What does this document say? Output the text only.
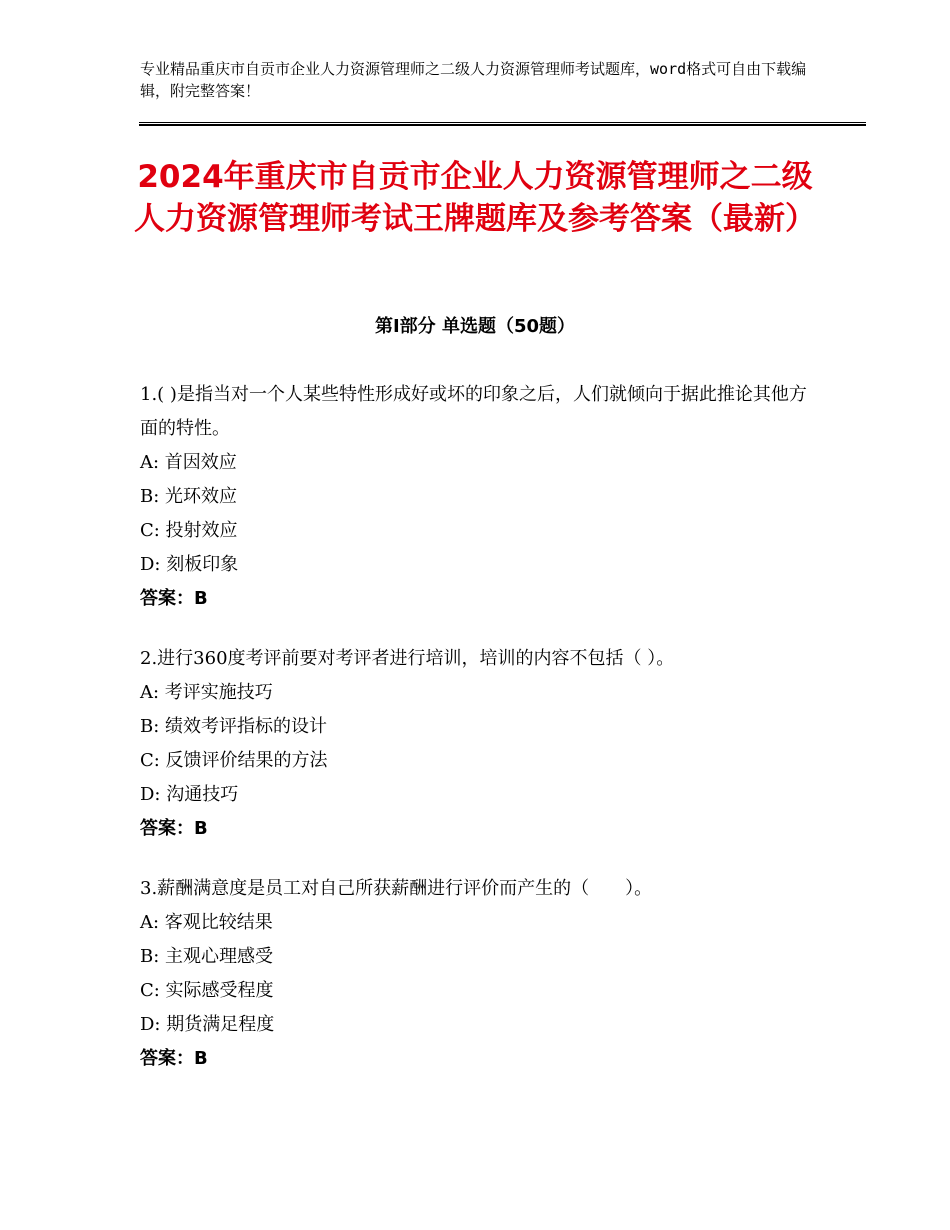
专业精品重庆市自贡市企业人力资源管理师之二级人力资源管理师考试题库，word格式可自由下载编辑，附完整答案！
2024年重庆市自贡市企业人力资源管理师之二级人力资源管理师考试王牌题库及参考答案（最新）
第Ⅰ部分 单选题（50题）
1.( )是指当对一个人某些特性形成好或坏的印象之后，人们就倾向于据此推论其他方面的特性。
A: 首因效应
B: 光环效应
C: 投射效应
D: 刻板印象
答案：B
2.进行360度考评前要对考评者进行培训，培训的内容不包括（ ）。
A: 考评实施技巧
B: 绩效考评指标的设计
C: 反馈评价结果的方法
D: 沟通技巧
答案：B
3.薪酬满意度是员工对自己所获薪酬进行评价而产生的（　　）。
A: 客观比较结果
B: 主观心理感受
C: 实际感受程度
D: 期货满足程度
答案：B
